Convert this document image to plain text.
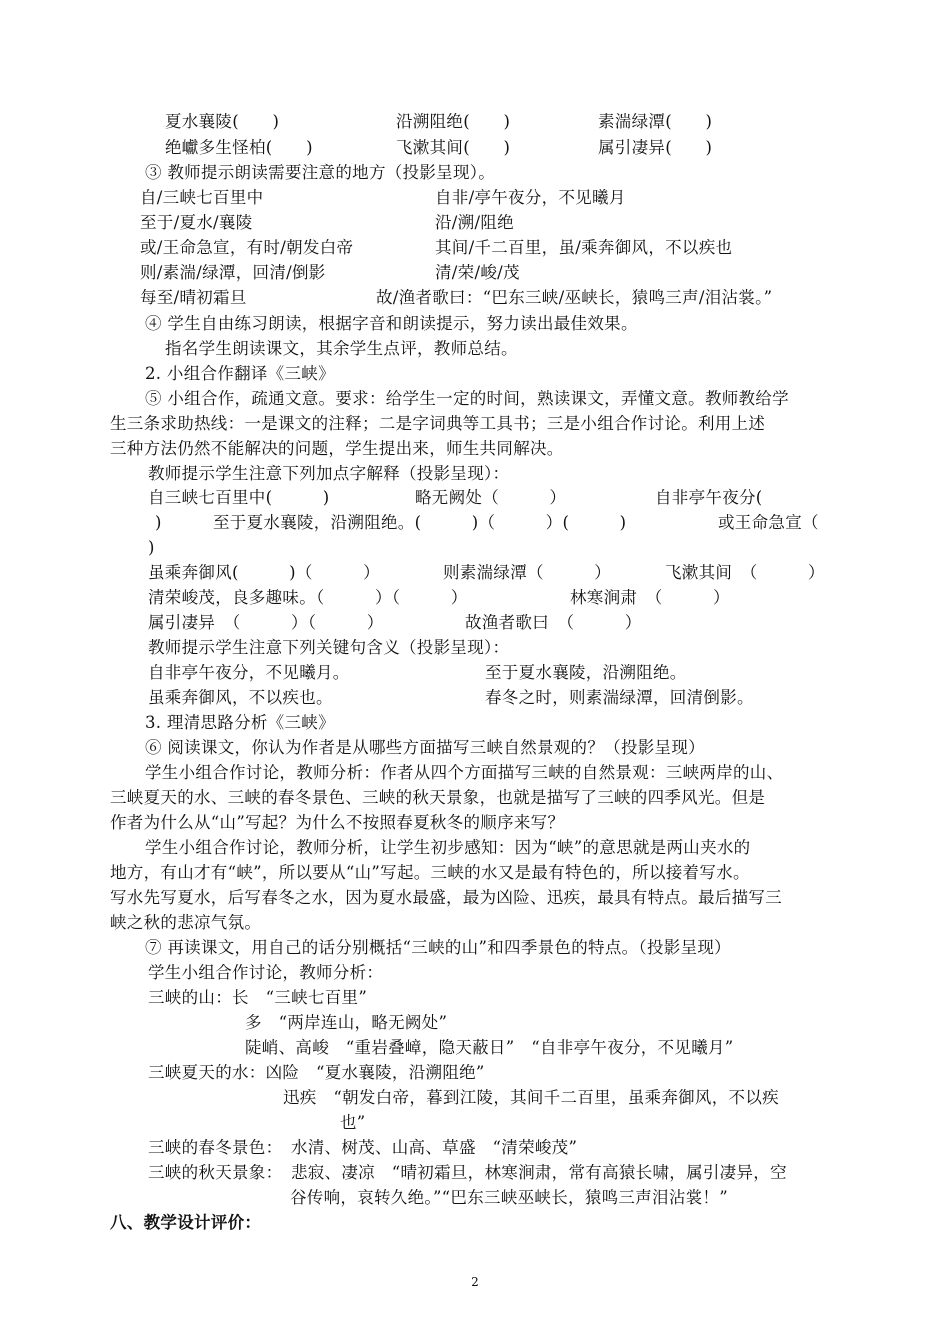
夏水襄陵(　　)	沿溯阻绝(　　)	素湍绿潭(　　)
绝巘多生怪柏(　　)	飞漱其间(　　)	属引凄异(　　)
③ 教师提示朗读需要注意的地方（投影呈现）。
自/三峡七百里中	自非/亭午夜分，不见曦月
至于/夏水/襄陵	沿/溯/阻绝
或/王命急宣，有时/朝发白帝	其间/千二百里，虽/乘奔御风，不以疾也
则/素湍/绿潭，回清/倒影	清/荣/峻/茂
每至/晴初霜旦	故/渔者歌曰：“巴东三峡/巫峡长，猿鸣三声/泪沾裳。”
④ 学生自由练习朗读，根据字音和朗读提示，努力读出最佳效果。
指名学生朗读课文，其余学生点评，教师总结。
2. 小组合作翻译《三峡》
⑤ 小组合作，疏通文意。要求：给学生一定的时间，熟读课文，弄懂文意。教师教给学
生三条求助热线：一是课文的注释；二是字词典等工具书；三是小组合作讨论。利用上述
三种方法仍然不能解决的问题，学生提出来，师生共同解决。
教师提示学生注意下列加点字解释（投影呈现）：
自三峡七百里中(　　　)	略无阙处（　　　）	自非亭午夜分(
)	至于夏水襄陵，沿溯阻绝。(　　　)（　　　）(　　　)	或王命急宣（
)
虽乘奔御风(　　　)（　　　）	则素湍绿潭（　　　）	飞漱其间　（　　　）
清荣峻茂，良多趣味。（　　　）（　　　）	林寒涧肃　（　　　）
属引凄异　（　　　）（　　　）	故渔者歌曰　（　　　）
教师提示学生注意下列关键句含义（投影呈现）：
自非亭午夜分，不见曦月。	至于夏水襄陵，沿溯阻绝。
虽乘奔御风，不以疾也。	春冬之时，则素湍绿潭，回清倒影。
3. 理清思路分析《三峡》
⑥ 阅读课文，你认为作者是从哪些方面描写三峡自然景观的？（投影呈现）
学生小组合作讨论，教师分析：作者从四个方面描写三峡的自然景观：三峡两岸的山、
三峡夏天的水、三峡的春冬景色、三峡的秋天景象，也就是描写了三峡的四季风光。但是
作者为什么从“山”写起？为什么不按照春夏秋冬的顺序来写？
学生小组合作讨论，教师分析，让学生初步感知：因为“峡”的意思就是两山夹水的
地方，有山才有“峡”，所以要从“山”写起。三峡的水又是最有特色的，所以接着写水。
写水先写夏水，后写春冬之水，因为夏水最盛，最为凶险、迅疾，最具有特点。最后描写三
峡之秋的悲凉气氛。
⑦ 再读课文，用自己的话分别概括“三峡的山”和四季景色的特点。（投影呈现）
学生小组合作讨论，教师分析：
三峡的山：长　“三峡七百里”
多　“两岸连山，略无阙处”
陡峭、高峻　“重岩叠嶂，隐天蔽日”　“自非亭午夜分，不见曦月”
三峡夏天的水：凶险　“夏水襄陵，沿溯阻绝”
迅疾　“朝发白帝，暮到江陵，其间千二百里，虽乘奔御风，不以疾
也”
三峡的春冬景色：　水清、树茂、山高、草盛　“清荣峻茂”
三峡的秋天景象：　悲寂、凄凉　“晴初霜旦，林寒涧肃，常有高猿长啸，属引凄异，空
谷传响，哀转久绝。”“巴东三峡巫峡长，猿鸣三声泪沾裳！”
八、教学设计评价：
2
